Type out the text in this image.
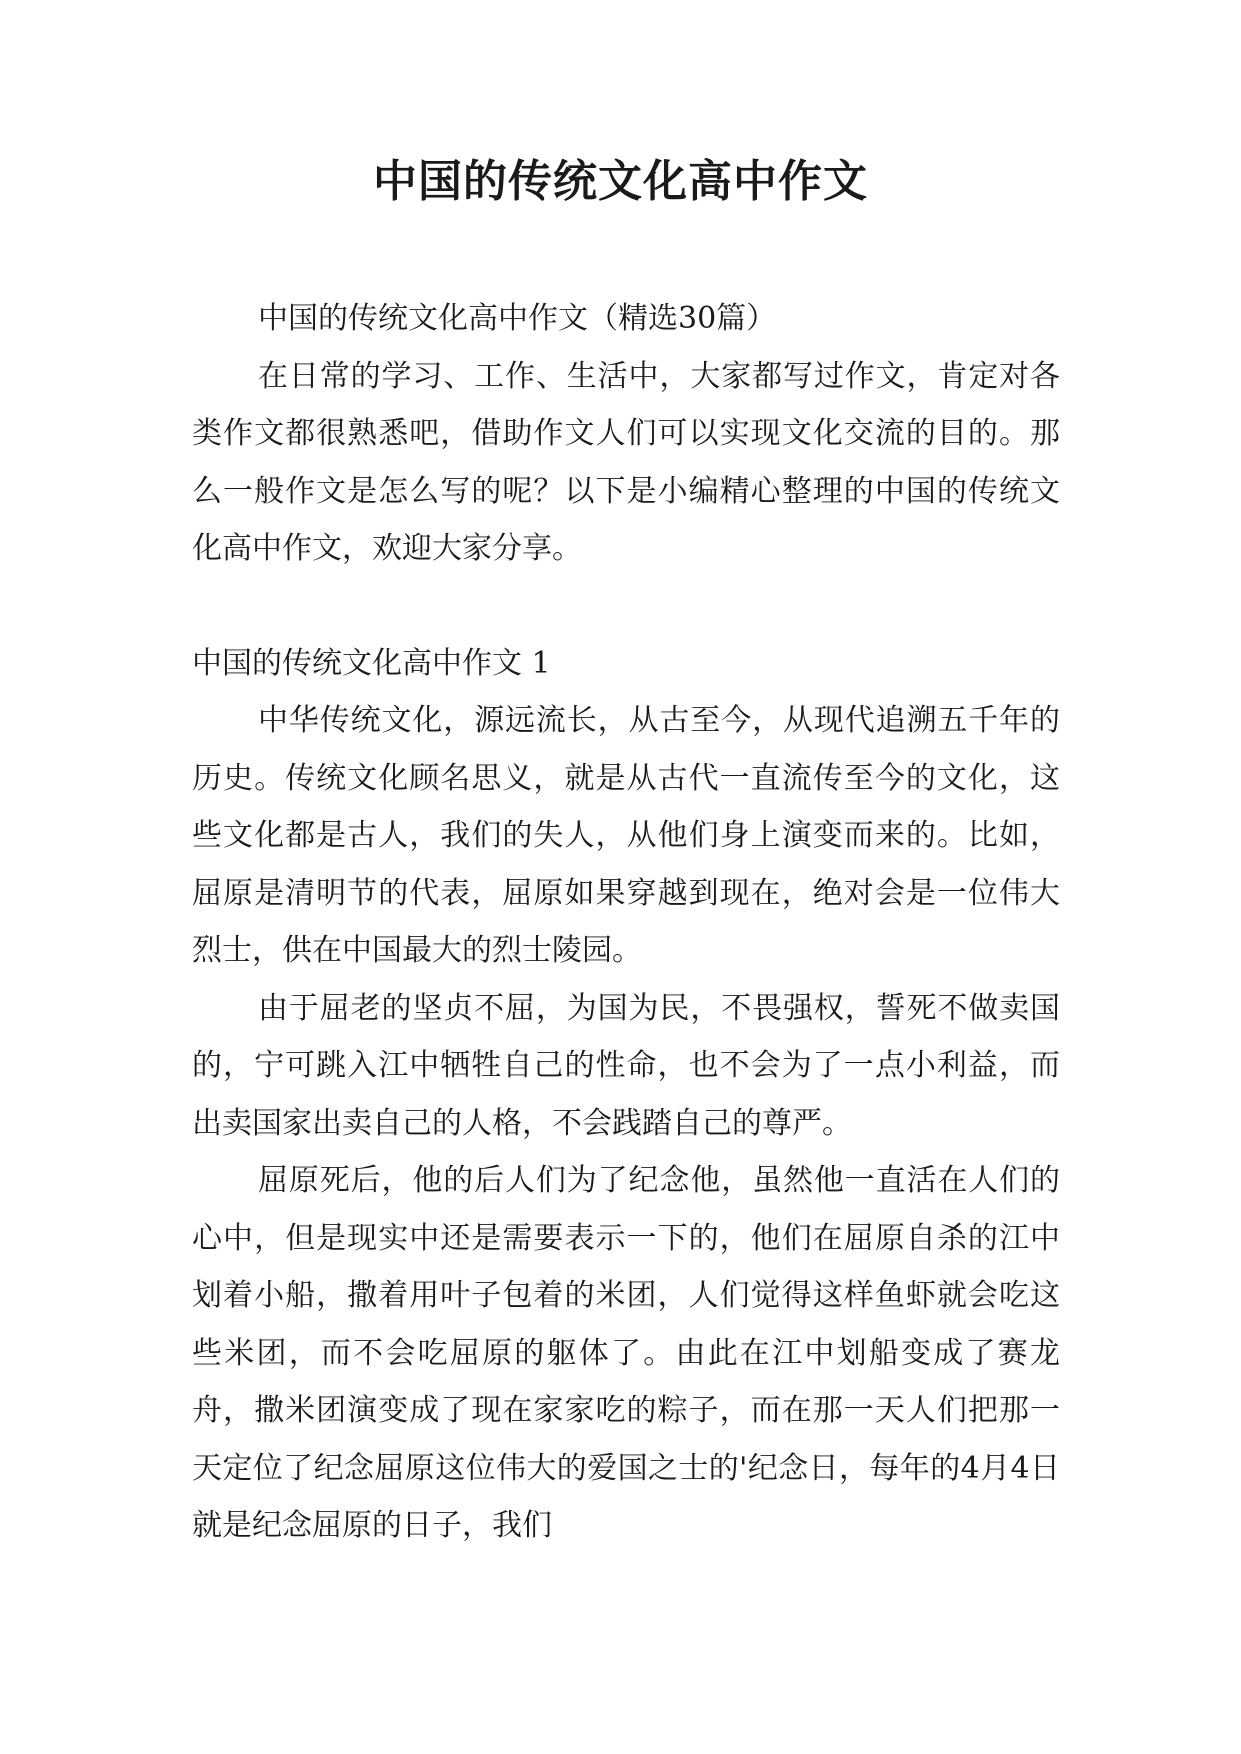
中国的传统文化高中作文

中国的传统文化高中作文（精选30篇）

在日常的学习、工作、生活中，大家都写过作文，肯定对各类作文都很熟悉吧，借助作文人们可以实现文化交流的目的。那么一般作文是怎么写的呢？以下是小编精心整理的中国的传统文化高中作文，欢迎大家分享。

中国的传统文化高中作文 1

中华传统文化，源远流长，从古至今，从现代追溯五千年的历史。传统文化顾名思义，就是从古代一直流传至今的文化，这些文化都是古人，我们的失人，从他们身上演变而来的。比如，屈原是清明节的代表，屈原如果穿越到现在，绝对会是一位伟大烈士，供在中国最大的烈士陵园。

由于屈老的坚贞不屈，为国为民，不畏强权，誓死不做卖国的，宁可跳入江中牺牲自己的性命，也不会为了一点小利益，而出卖国家出卖自己的人格，不会践踏自己的尊严。

屈原死后，他的后人们为了纪念他，虽然他一直活在人们的心中，但是现实中还是需要表示一下的，他们在屈原自杀的江中划着小船，撒着用叶子包着的米团，人们觉得这样鱼虾就会吃这些米团，而不会吃屈原的躯体了。由此在江中划船变成了赛龙舟，撒米团演变成了现在家家吃的粽子，而在那一天人们把那一天定位了纪念屈原这位伟大的爱国之士的'纪念日，每年的4月4日就是纪念屈原的日子，我们
